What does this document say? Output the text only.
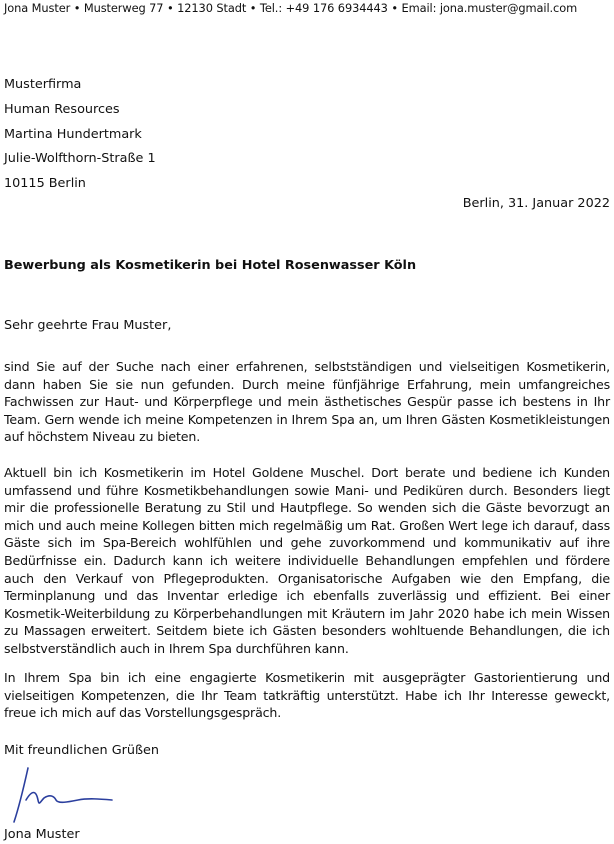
Jona Muster • Musterweg 77 • 12130 Stadt • Tel.: +49 176 6934443 • Email: jona.muster@gmail.com
Musterfirma
Human Resources
Martina Hundertmark
Julie-Wolfthorn-Straße 1
10115 Berlin
Berlin, 31. Januar 2022
Bewerbung als Kosmetikerin bei Hotel Rosenwasser Köln
Sehr geehrte Frau Muster,
sind Sie auf der Suche nach einer erfahrenen, selbstständigen und vielseitigen Kosmetikerin, dann haben Sie sie nun gefunden. Durch meine fünfjährige Erfahrung, mein umfangreiches Fachwissen zur Haut- und Körperpflege und mein ästhetisches Gespür passe ich bestens in Ihr Team. Gern wende ich meine Kompetenzen in Ihrem Spa an, um Ihren Gästen Kosmetikleistungen auf höchstem Niveau zu bieten.
Aktuell bin ich Kosmetikerin im Hotel Goldene Muschel. Dort berate und bediene ich Kunden umfassend und führe Kosmetikbehandlungen sowie Mani- und Pediküren durch. Besonders liegt mir die professionelle Beratung zu Stil und Hautpflege. So wenden sich die Gäste bevorzugt an mich und auch meine Kollegen bitten mich regelmäßig um Rat. Großen Wert lege ich darauf, dass Gäste sich im Spa-Bereich wohlfühlen und gehe zuvorkommend und kommunikativ auf ihre Bedürfnisse ein. Dadurch kann ich weitere individuelle Behandlungen empfehlen und fördere auch den Verkauf von Pflegeprodukten. Organisatorische Aufgaben wie den Empfang, die Terminplanung und das Inventar erledige ich ebenfalls zuverlässig und effizient. Bei einer Kosmetik-Weiterbildung zu Körperbehandlungen mit Kräutern im Jahr 2020 habe ich mein Wissen zu Massagen erweitert. Seitdem biete ich Gästen besonders wohltuende Behandlungen, die ich selbstverständlich auch in Ihrem Spa durchführen kann.
In Ihrem Spa bin ich eine engagierte Kosmetikerin mit ausgeprägter Gastorientierung und vielseitigen Kompetenzen, die Ihr Team tatkräftig unterstützt. Habe ich Ihr Interesse geweckt, freue ich mich auf das Vorstellungsgespräch.
Mit freundlichen Grüßen
Jona Muster
